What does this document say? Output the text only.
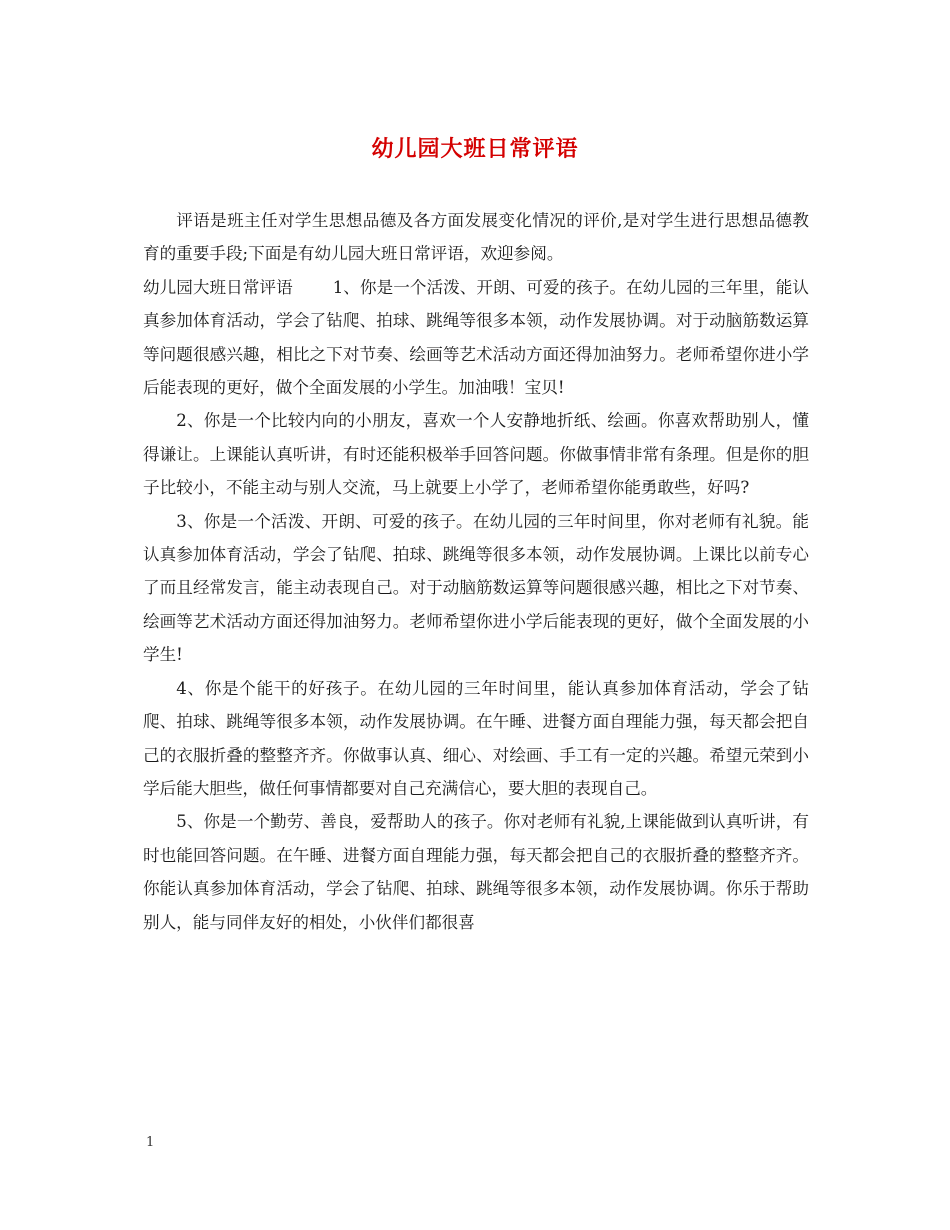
幼儿园大班日常评语

评语是班主任对学生思想品德及各方面发展变化情况的评价,是对学生进行思想品德教育的重要手段;下面是有幼儿园大班日常评语，欢迎参阅。

幼儿园大班日常评语 1、你是一个活泼、开朗、可爱的孩子。在幼儿园的三年里，能认真参加体育活动，学会了钻爬、拍球、跳绳等很多本领，动作发展协调。对于动脑筋数运算等问题很感兴趣，相比之下对节奏、绘画等艺术活动方面还得加油努力。老师希望你进小学后能表现的更好，做个全面发展的小学生。加油哦！宝贝!

2、你是一个比较内向的小朋友，喜欢一个人安静地折纸、绘画。你喜欢帮助别人，懂得谦让。上课能认真听讲，有时还能积极举手回答问题。你做事情非常有条理。但是你的胆子比较小，不能主动与别人交流，马上就要上小学了，老师希望你能勇敢些，好吗?

3、你是一个活泼、开朗、可爱的孩子。在幼儿园的三年时间里，你对老师有礼貌。能认真参加体育活动，学会了钻爬、拍球、跳绳等很多本领，动作发展协调。上课比以前专心了而且经常发言，能主动表现自己。对于动脑筋数运算等问题很感兴趣，相比之下对节奏、绘画等艺术活动方面还得加油努力。老师希望你进小学后能表现的更好，做个全面发展的小学生!

4、你是个能干的好孩子。在幼儿园的三年时间里，能认真参加体育活动，学会了钻爬、拍球、跳绳等很多本领，动作发展协调。在午睡、进餐方面自理能力强，每天都会把自己的衣服折叠的整整齐齐。你做事认真、细心、对绘画、手工有一定的兴趣。希望元荣到小学后能大胆些，做任何事情都要对自己充满信心，要大胆的表现自己。

5、你是一个勤劳、善良，爱帮助人的孩子。你对老师有礼貌,上课能做到认真听讲，有时也能回答问题。在午睡、进餐方面自理能力强，每天都会把自己的衣服折叠的整整齐齐。你能认真参加体育活动，学会了钻爬、拍球、跳绳等很多本领，动作发展协调。你乐于帮助别人，能与同伴友好的相处，小伙伴们都很喜

1
